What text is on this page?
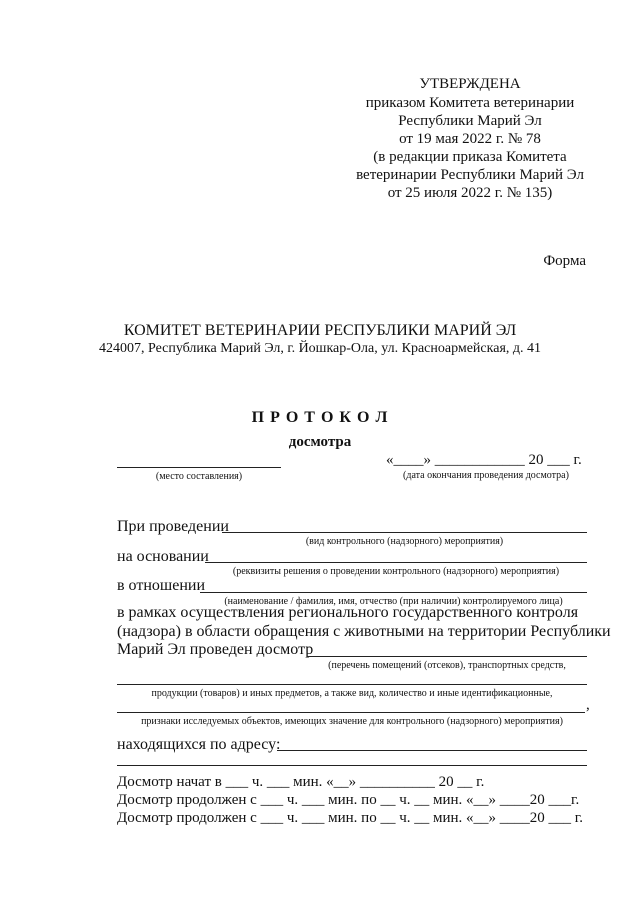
УТВЕРЖДЕНА
приказом Комитета ветеринарии
Республики Марий Эл
от 19 мая 2022 г. № 78
(в редакции приказа Комитета
ветеринарии Республики Марий Эл
от 25 июля 2022 г. № 135)
Форма
КОМИТЕТ ВЕТЕРИНАРИИ РЕСПУБЛИКИ МАРИЙ ЭЛ
424007, Республика Марий Эл, г. Йошкар-Ола, ул. Красноармейская, д. 41
П Р О Т О К О Л
досмотра
(место составления)
«____» ____________ 20 ___ г.
(дата окончания проведения досмотра)
При проведении
(вид контрольного (надзорного) мероприятия)
на основании
(реквизиты решения о проведении контрольного (надзорного) мероприятия)
в отношении
(наименование / фамилия, имя, отчество (при наличии) контролируемого лица)
в рамках осуществления регионального государственного контроля
(надзора) в области обращения с животными на территории Республики
Марий Эл проведен досмотр
(перечень помещений (отсеков), транспортных средств,
продукции (товаров) и иных предметов, а также вид, количество и иные идентификационные,
,
признаки исследуемых объектов, имеющих значение для контрольного (надзорного) мероприятия)
находящихся по адресу:
Досмотр начат в ___ ч. ___ мин. «__» __________ 20 __ г.
Досмотр продолжен с ___ ч. ___ мин. по __ ч. __ мин. «__» ____20 ___г.
Досмотр продолжен с ___ ч. ___ мин. по __ ч. __ мин. «__» ____20 ___ г.
